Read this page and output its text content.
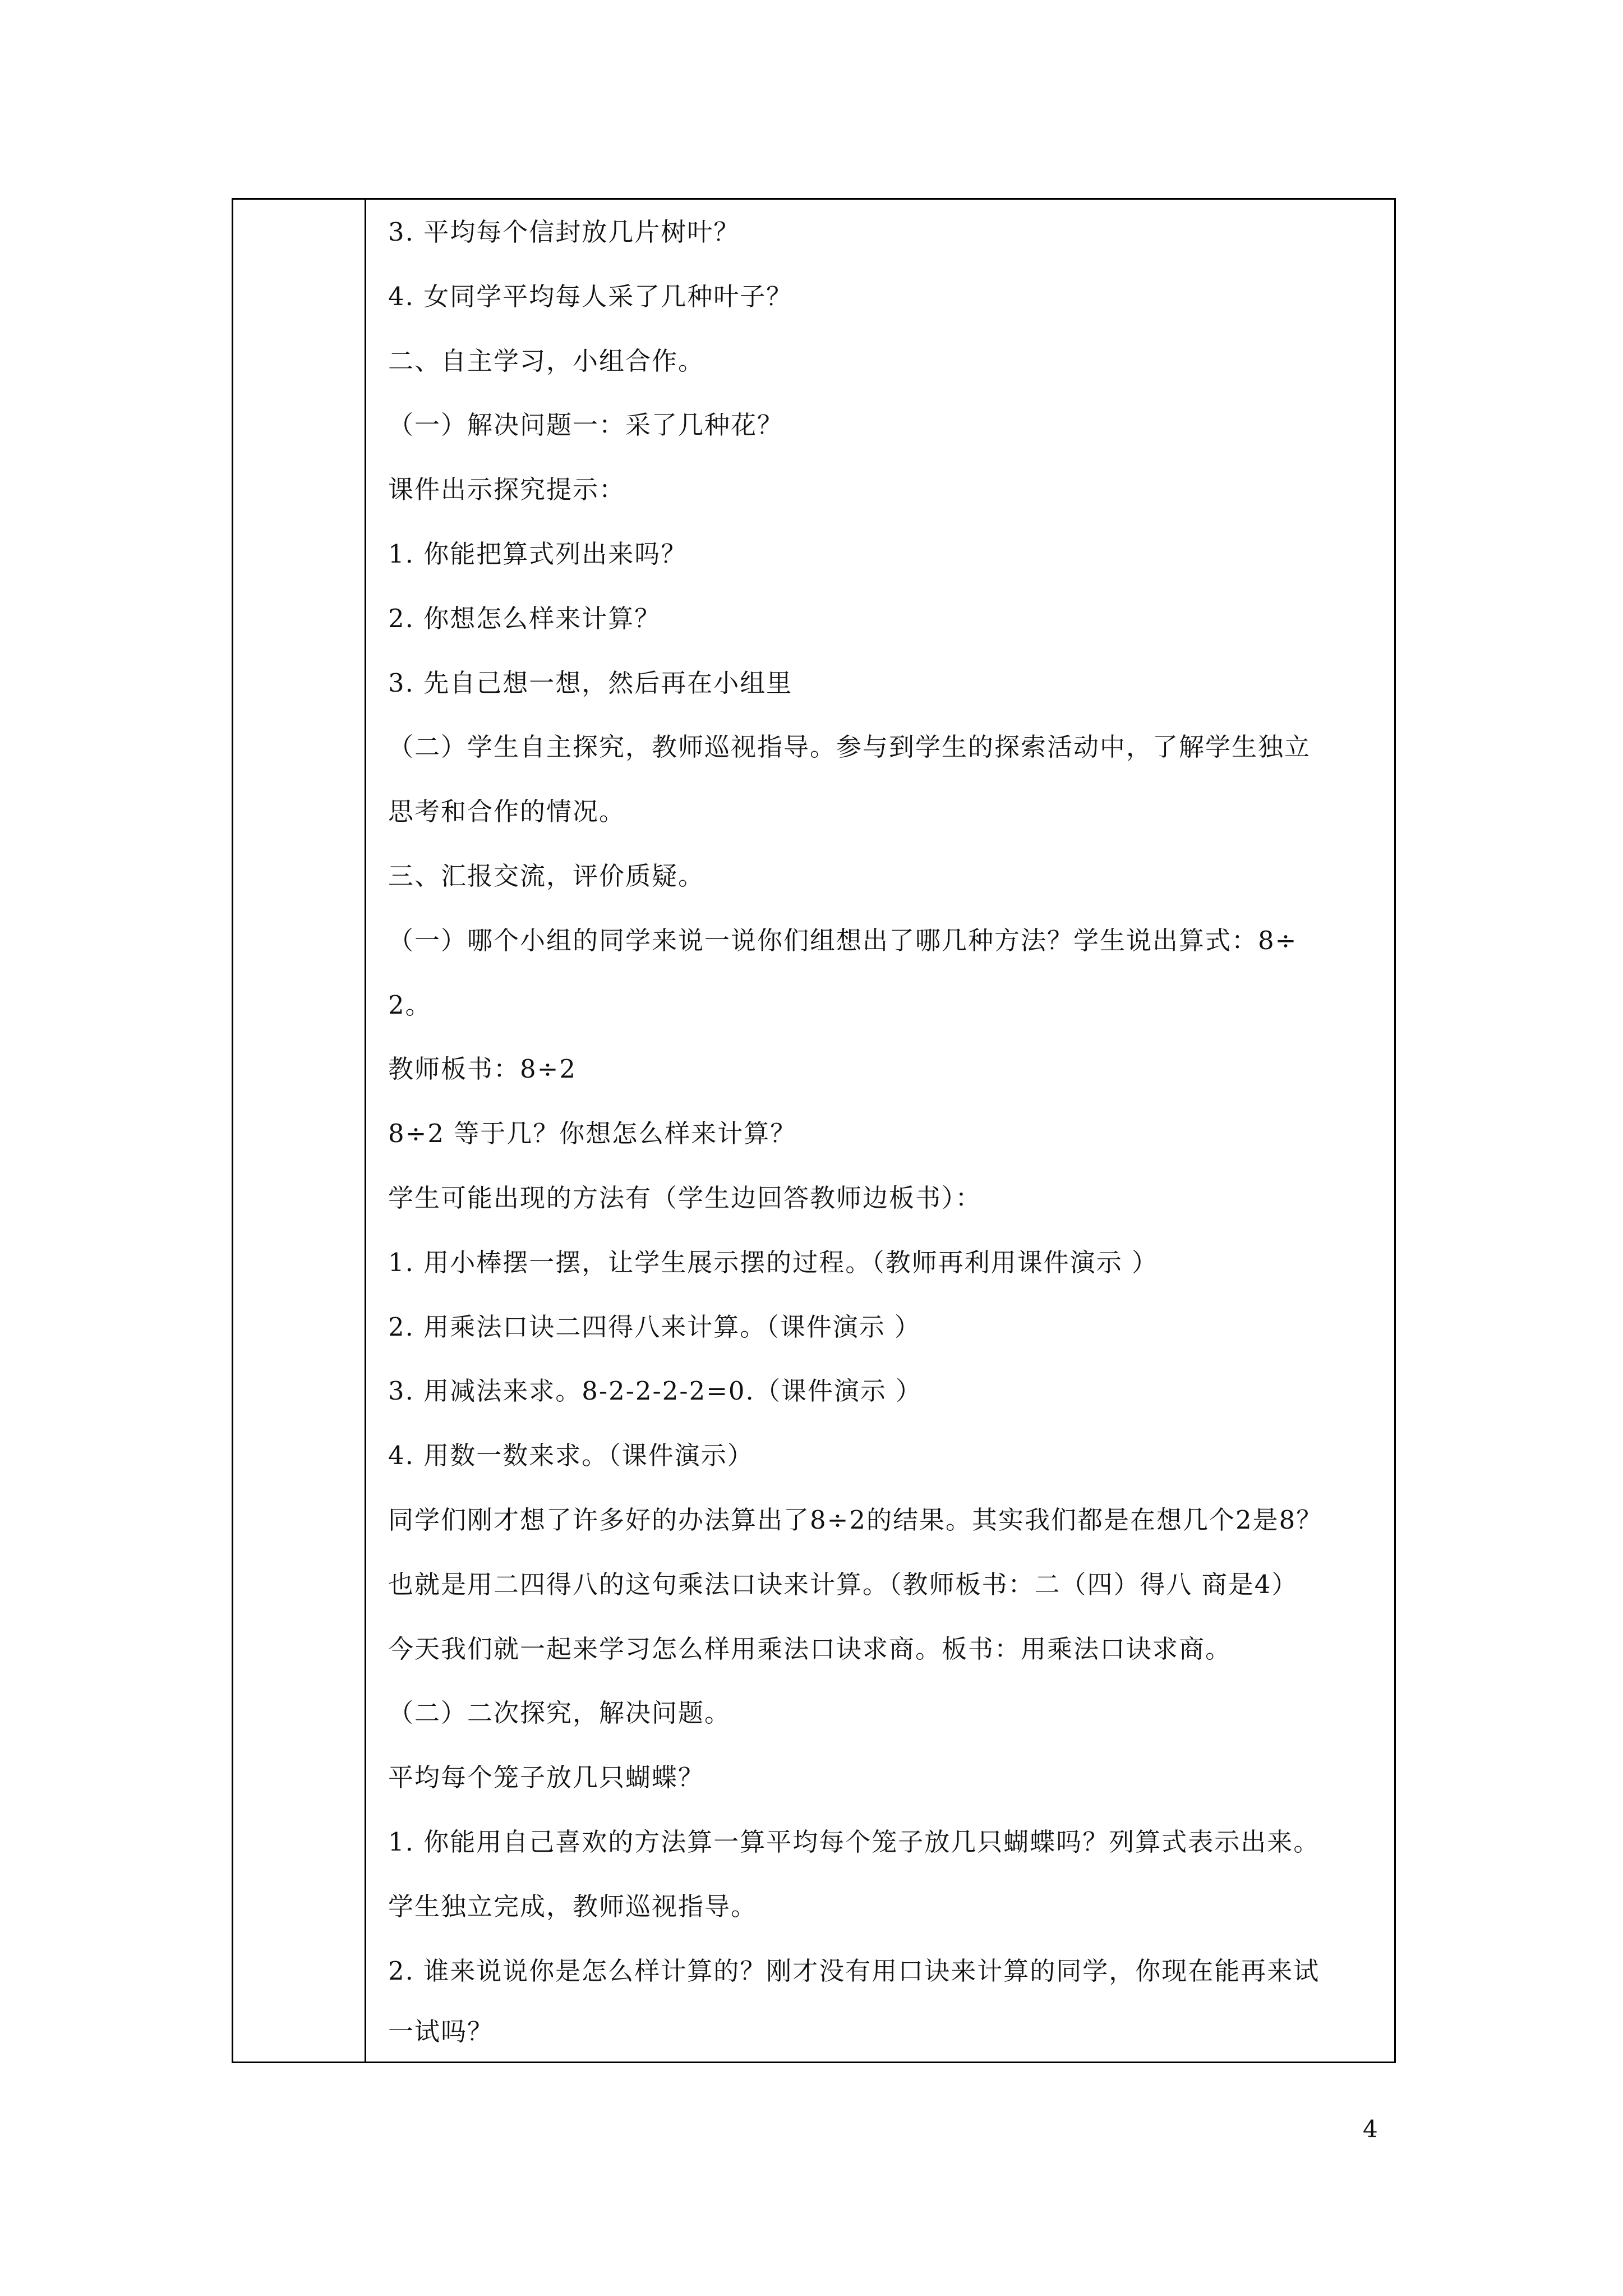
3. 平均每个信封放几片树叶？
4. 女同学平均每人采了几种叶子？
二、自主学习，小组合作。
（一）解决问题一：采了几种花？
课件出示探究提示：
1. 你能把算式列出来吗？
2. 你想怎么样来计算？
3. 先自己想一想，然后再在小组里
（二）学生自主探究，教师巡视指导。参与到学生的探索活动中，了解学生独立
思考和合作的情况。
三、汇报交流，评价质疑。
（一）哪个小组的同学来说一说你们组想出了哪几种方法？学生说出算式：8÷
2。
教师板书：8÷2
8÷2 等于几？你想怎么样来计算？
学生可能出现的方法有（学生边回答教师边板书）：
1. 用小棒摆一摆，让学生展示摆的过程。（教师再利用课件演示 ）
2. 用乘法口诀二四得八来计算。（课件演示 ）
3. 用减法来求。8-2-2-2-2=0.（课件演示 ）
4. 用数一数来求。（课件演示）
同学们刚才想了许多好的办法算出了8÷2的结果。其实我们都是在想几个2是8？
也就是用二四得八的这句乘法口诀来计算。（教师板书：二（四）得八 商是4）
今天我们就一起来学习怎么样用乘法口诀求商。板书：用乘法口诀求商。
（二）二次探究，解决问题。
平均每个笼子放几只蝴蝶？
1. 你能用自己喜欢的方法算一算平均每个笼子放几只蝴蝶吗？列算式表示出来。
学生独立完成，教师巡视指导。
2. 谁来说说你是怎么样计算的？刚才没有用口诀来计算的同学，你现在能再来试
一试吗？
4
